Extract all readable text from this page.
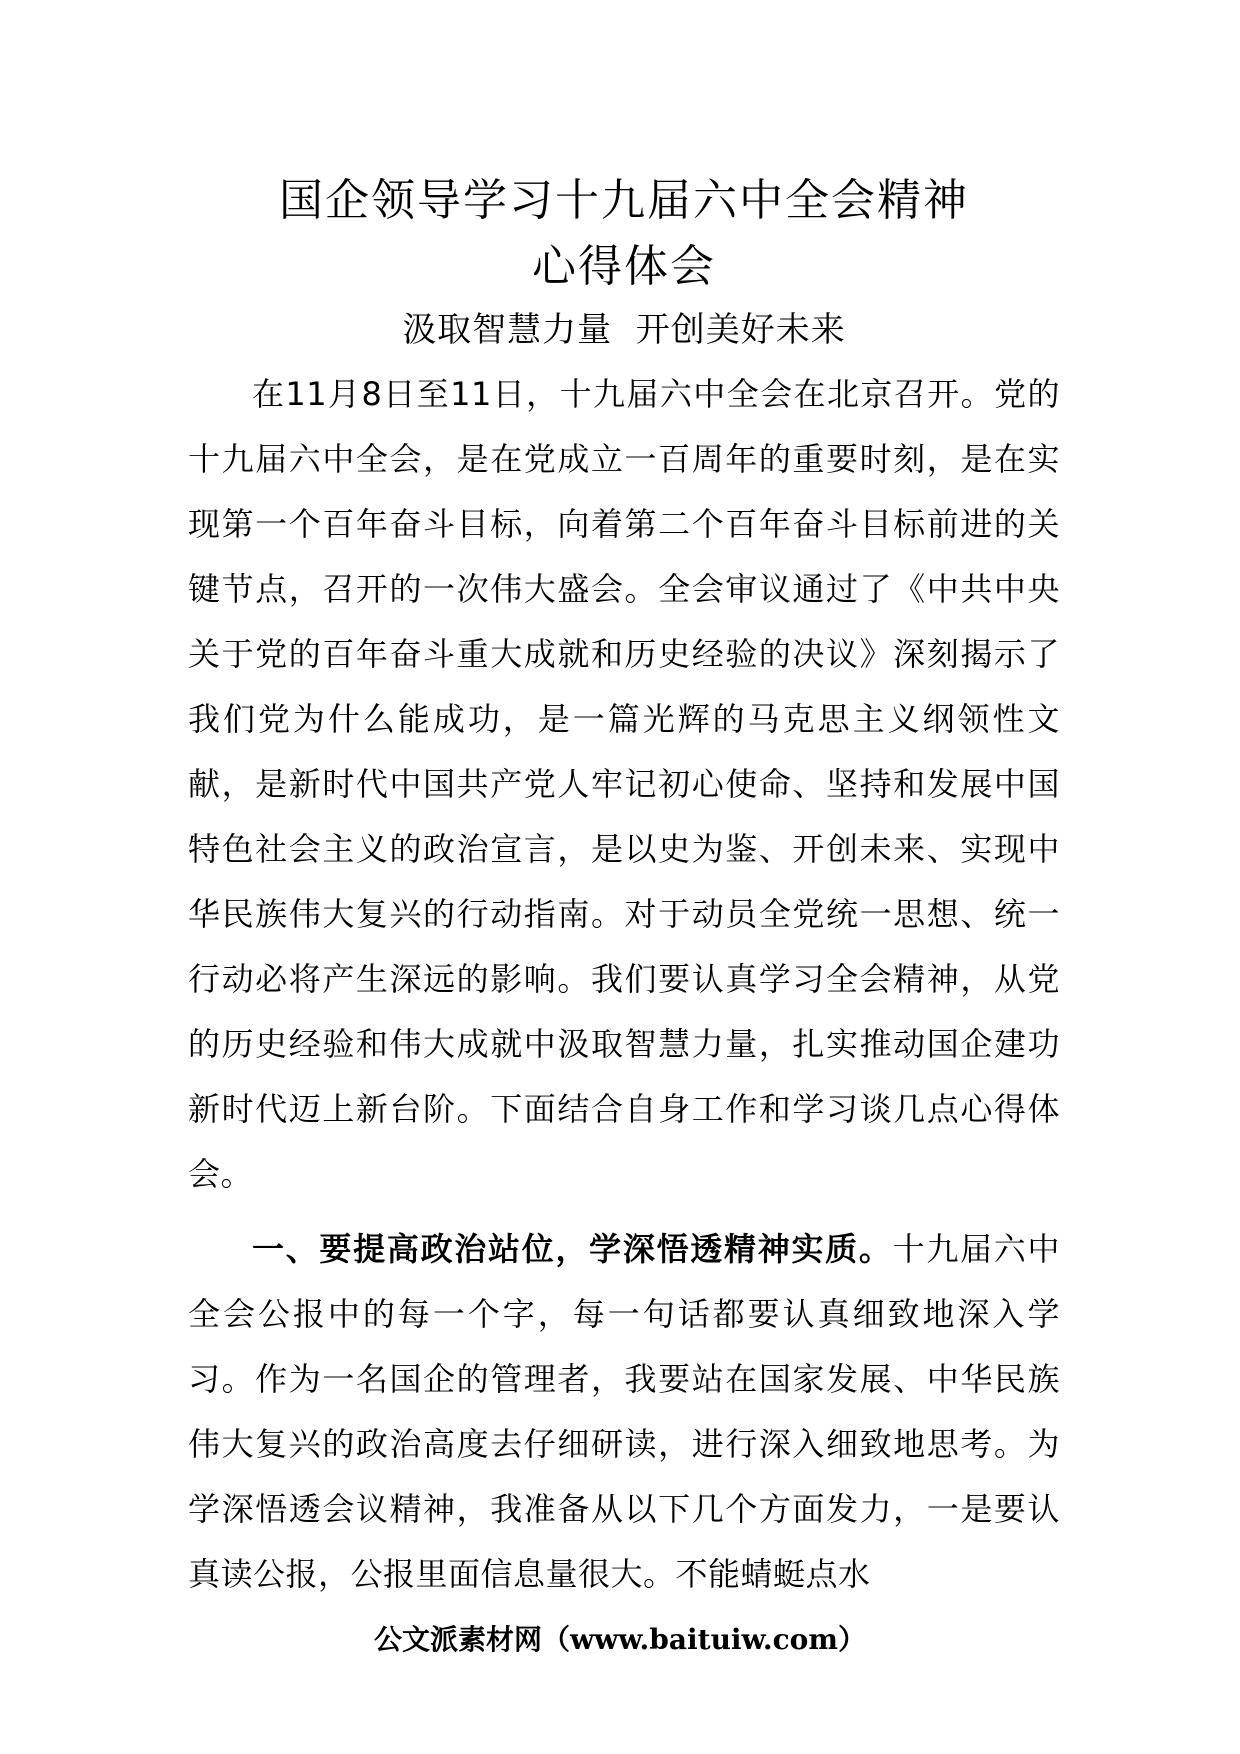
国企领导学习十九届六中全会精神
心得体会
汲取智慧力量  开创美好未来

在11月8日至11日，十九届六中全会在北京召开。党的十九届六中全会，是在党成立一百周年的重要时刻，是在实现第一个百年奋斗目标，向着第二个百年奋斗目标前进的关键节点，召开的一次伟大盛会。全会审议通过了《中共中央关于党的百年奋斗重大成就和历史经验的决议》深刻揭示了我们党为什么能成功，是一篇光辉的马克思主义纲领性文献，是新时代中国共产党人牢记初心使命、坚持和发展中国特色社会主义的政治宣言，是以史为鉴、开创未来、实现中华民族伟大复兴的行动指南。对于动员全党统一思想、统一行动必将产生深远的影响。我们要认真学习全会精神，从党的历史经验和伟大成就中汲取智慧力量，扎实推动国企建功新时代迈上新台阶。下面结合自身工作和学习谈几点心得体会。

一、要提高政治站位，学深悟透精神实质。十九届六中全会公报中的每一个字，每一句话都要认真细致地深入学习。作为一名国企的管理者，我要站在国家发展、中华民族伟大复兴的政治高度去仔细研读，进行深入细致地思考。为学深悟透会议精神，我准备从以下几个方面发力，一是要认真读公报，公报里面信息量很大。不能蜻蜓点水

公文派素材网（www.baituiw.com）
